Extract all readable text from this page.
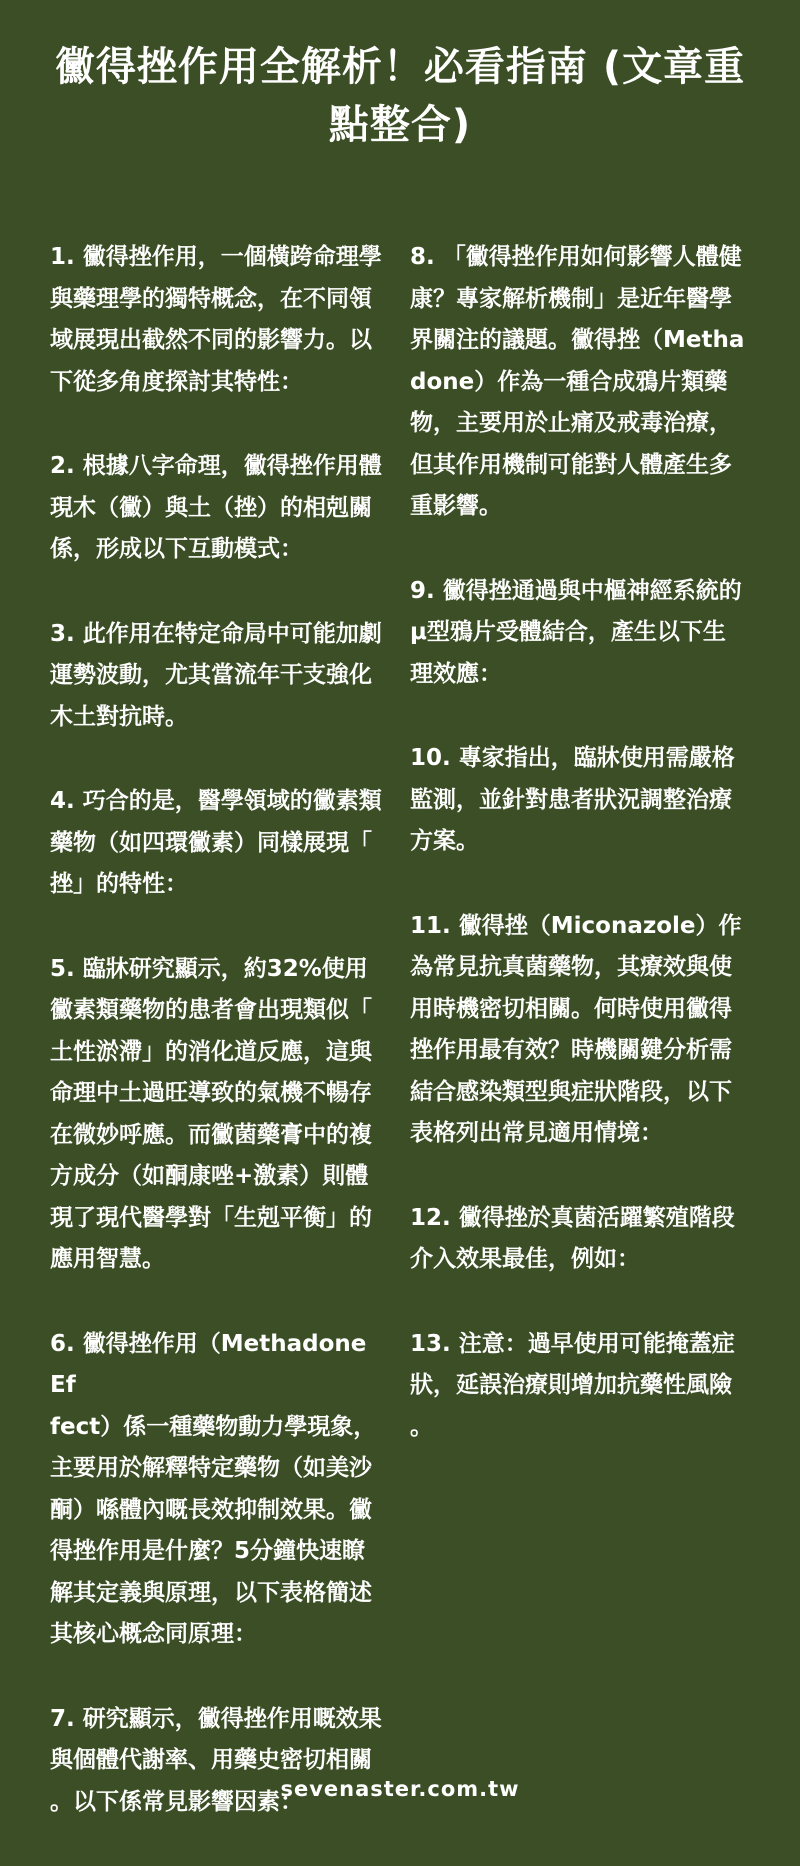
黴得挫作用全解析！必看指南 (文章重
點整合)

1. 黴得挫作用，一個橫跨命理學
與藥理學的獨特概念，在不同領
域展現出截然不同的影響力。以
下從多角度探討其特性：

2. 根據八字命理，黴得挫作用體
現木（黴）與土（挫）的相剋關
係，形成以下互動模式：

3. 此作用在特定命局中可能加劇
運勢波動，尤其當流年干支強化
木土對抗時。

4. 巧合的是，醫學領域的黴素類
藥物（如四環黴素）同樣展現「
挫」的特性：

5. 臨牀研究顯示，約32%使用
黴素類藥物的患者會出現類似「
土性淤滯」的消化道反應，這與
命理中土過旺導致的氣機不暢存
在微妙呼應。而黴菌藥膏中的複
方成分（如酮康唑+激素）則體
現了現代醫學對「生剋平衡」的
應用智慧。

6. 黴得挫作用（Methadone Ef
fect）係一種藥物動力學現象，
主要用於解釋特定藥物（如美沙
酮）喺體內嘅長效抑制效果。黴
得挫作用是什麼？5分鐘快速瞭
解其定義與原理，以下表格簡述
其核心概念同原理：

7. 研究顯示，黴得挫作用嘅效果
與個體代謝率、用藥史密切相關
。以下係常見影響因素：

8. 「黴得挫作用如何影響人體健
康？專家解析機制」是近年醫學
界關注的議題。黴得挫（Metha
done）作為一種合成鴉片類藥
物，主要用於止痛及戒毒治療，
但其作用機制可能對人體產生多
重影響。

9. 黴得挫通過與中樞神經系統的
μ型鴉片受體結合，產生以下生
理效應：

10. 專家指出，臨牀使用需嚴格
監測，並針對患者狀況調整治療
方案。

11. 黴得挫（Miconazole）作
為常見抗真菌藥物，其療效與使
用時機密切相關。何時使用黴得
挫作用最有效？時機關鍵分析需
結合感染類型與症狀階段，以下
表格列出常見適用情境：

12. 黴得挫於真菌活躍繁殖階段
介入效果最佳，例如：

13. 注意：過早使用可能掩蓋症
狀，延誤治療則增加抗藥性風險
。

sevenaster.com.tw
